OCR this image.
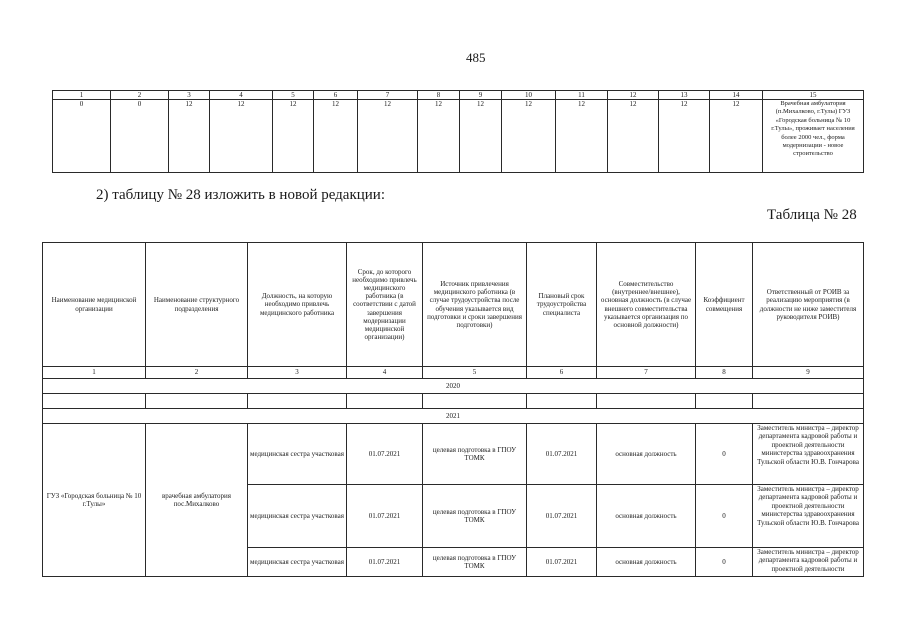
485
1	2	3	4	5	6	7	8	9	10	11	12	13	14	15
0	0	12	12	12	12	12	12	12	12	12	12	12	12	Врачебная амбулатория (п.Михалково, г.Тулы) ГУЗ «Городская больница № 10 г.Тулы», проживает населения более 2000 чел., форма модернизации - новое строительство
2) таблицу № 28 изложить в новой редакции:
Таблица № 28
Наименование медицинской организации	Наименование структурного подразделения	Должность, на которую необходимо привлечь медицинского работника	Срок, до которого необходимо привлечь медицинского работника (в соответствии с датой завершения модернизации медицинской организации)	Источник привлечения медицинского работника (в случае трудоустройства после обучения указывается вид подготовки и сроки завершения подготовки)	Плановый срок трудоустройства специалиста	Совместительство (внутреннее/внешнее), основная должность (в случае внешнего совместительства указывается организация по основной должности)	Коэффициент совмещения	Ответственный от РОИВ за реализацию мероприятия (в должности не ниже заместителя руководителя РОИВ)
1	2	3	4	5	6	7	8	9
2020								

2021								
ГУЗ «Городская больница № 10 г.Тулы»	врачебная амбулатория пос.Михалково	медицинская сестра участковая	01.07.2021	целевая подготовка в ГПОУ ТОМК	01.07.2021	основная должность	0	Заместитель министра – директор департамента кадровой работы и проектной деятельности министерства здравоохранения Тульской области Ю.В. Гончарова
		медицинская сестра участковая	01.07.2021	целевая подготовка в ГПОУ ТОМК	01.07.2021	основная должность	0	Заместитель министра – директор департамента кадровой работы и проектной деятельности министерства здравоохранения Тульской области Ю.В. Гончарова
		медицинская сестра участковая	01.07.2021	целевая подготовка в ГПОУ ТОМК	01.07.2021	основная должность	0	Заместитель министра – директор департамента кадровой работы и проектной деятельности
